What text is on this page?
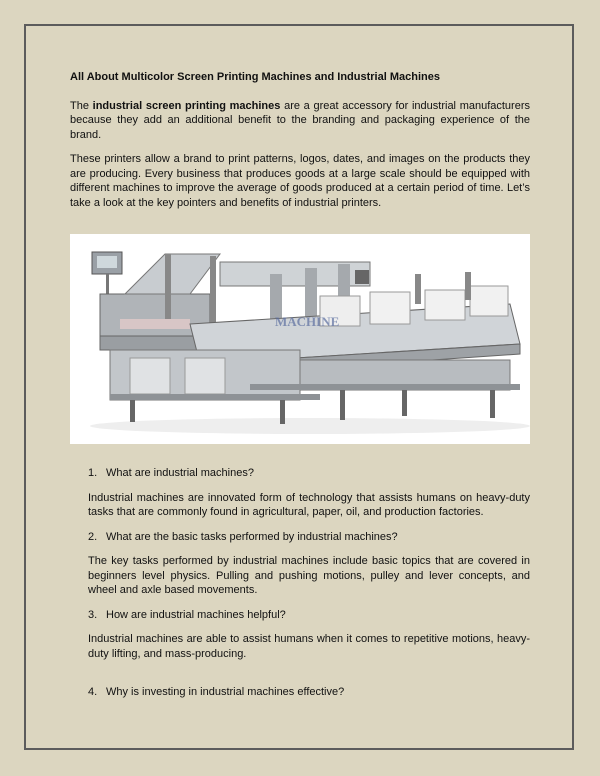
All About Multicolor Screen Printing Machines and Industrial Machines

The industrial screen printing machines are a great accessory for industrial manufacturers because they add an additional benefit to the branding and packaging experience of the brand.

These printers allow a brand to print patterns, logos, dates, and images on the products they are producing. Every business that produces goods at a large scale should be equipped with different machines to improve the average of goods produced at a certain period of time. Let’s take a look at the key pointers and benefits of industrial printers.

MACHINE

1. What are industrial machines?

Industrial machines are innovated form of technology that assists humans on heavy-duty tasks that are commonly found in agricultural, paper, oil, and production factories.

2. What are the basic tasks performed by industrial machines?

The key tasks performed by industrial machines include basic topics that are covered in beginners level physics. Pulling and pushing motions, pulley and lever concepts, and wheel and axle based movements.

3. How are industrial machines helpful?

Industrial machines are able to assist humans when it comes to repetitive motions, heavy-duty lifting, and mass-producing.

4. Why is investing in industrial machines effective?
